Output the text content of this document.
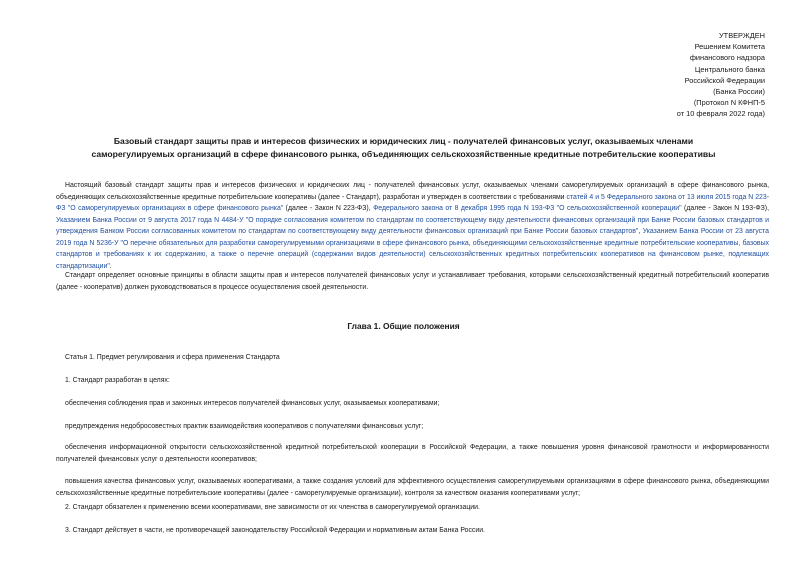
УТВЕРЖДЕН
Решением Комитета
финансового надзора
Центрального банка
Российской Федерации
(Банка России)
(Протокол N КФНП-5
от 10 февраля 2022 года)
Базовый стандарт защиты прав и интересов физических и юридических лиц - получателей финансовых услуг, оказываемых членами саморегулируемых организаций в сфере финансового рынка, объединяющих сельскохозяйственные кредитные потребительские кооперативы
Настоящий базовый стандарт защиты прав и интересов физических и юридических лиц - получателей финансовых услуг, оказываемых членами саморегулируемых организаций в сфере финансового рынка, объединяющих сельскохозяйственные кредитные потребительские кооперативы (далее - Стандарт), разработан и утвержден в соответствии с требованиями статей 4 и 5 Федерального закона от 13 июля 2015 года N 223-ФЗ "О саморегулируемых организациях в сфере финансового рынка" (далее - Закон N 223-ФЗ), Федерального закона от 8 декабря 1995 года N 193-ФЗ "О сельскохозяйственной кооперации" (далее - Закон N 193-ФЗ), Указанием Банка России от 9 августа 2017 года N 4484-У "О порядке согласования комитетом по стандартам по соответствующему виду деятельности финансовых организаций при Банке России базовых стандартов и утверждения Банком России согласованных комитетом по стандартам по соответствующему виду деятельности финансовых организаций при Банке России базовых стандартов", Указанием Банка России от 23 августа 2019 года N 5236-У "О перечне обязательных для разработки саморегулируемыми организациями в сфере финансового рынка, объединяющими сельскохозяйственные кредитные потребительские кооперативы, базовых стандартов и требованиях к их содержанию, а также о перечне операций (содержании видов деятельности) сельскохозяйственных кредитных потребительских кооперативов на финансовом рынке, подлежащих стандартизации".
Стандарт определяет основные принципы в области защиты прав и интересов получателей финансовых услуг и устанавливает требования, которыми сельскохозяйственный кредитный потребительский кооператив (далее - кооператив) должен руководствоваться в процессе осуществления своей деятельности.
Глава 1. Общие положения
Статья 1. Предмет регулирования и сфера применения Стандарта
1. Стандарт разработан в целях:
обеспечения соблюдения прав и законных интересов получателей финансовых услуг, оказываемых кооперативами;
предупреждения недобросовестных практик взаимодействия кооперативов с получателями финансовых услуг;
обеспечения информационной открытости сельскохозяйственной кредитной потребительской кооперации в Российской Федерации, а также повышения уровня финансовой грамотности и информированности получателей финансовых услуг о деятельности кооперативов;
повышения качества финансовых услуг, оказываемых кооперативами, а также создания условий для эффективного осуществления саморегулируемыми организациями в сфере финансового рынка, объединяющими сельскохозяйственные кредитные потребительские кооперативы (далее - саморегулируемые организации), контроля за качеством оказания кооперативами услуг;
2. Стандарт обязателен к применению всеми кооперативами, вне зависимости от их членства в саморегулируемой организации.
3. Стандарт действует в части, не противоречащей законодательству Российской Федерации и нормативным актам Банка России.
